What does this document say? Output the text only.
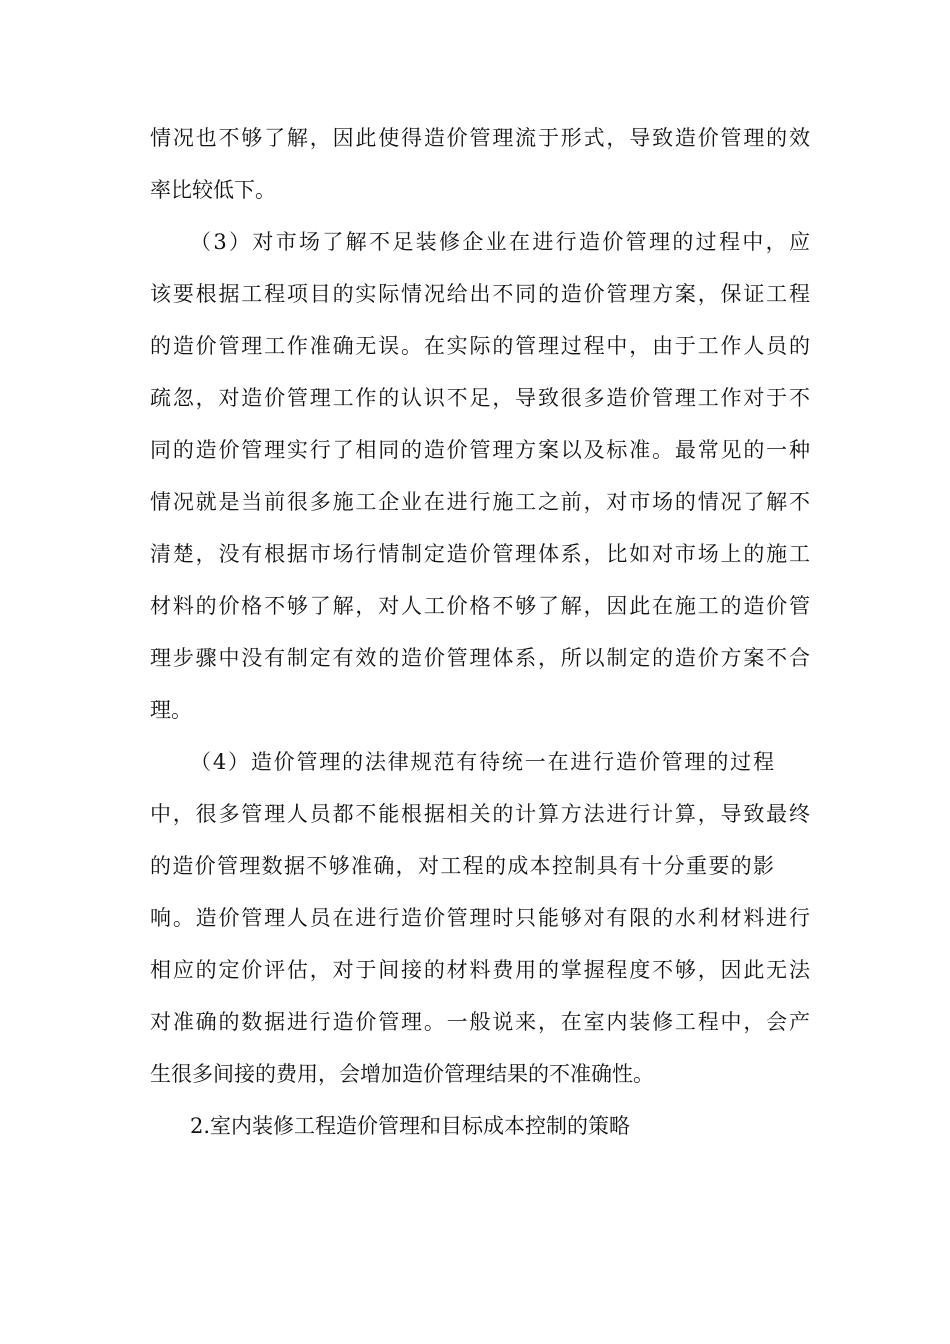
情况也不够了解，因此使得造价管理流于形式，导致造价管理的效
率比较低下。
（3）对市场了解不足装修企业在进行造价管理的过程中，应
该要根据工程项目的实际情况给出不同的造价管理方案，保证工程
的造价管理工作准确无误。在实际的管理过程中，由于工作人员的
疏忽，对造价管理工作的认识不足，导致很多造价管理工作对于不
同的造价管理实行了相同的造价管理方案以及标准。最常见的一种
情况就是当前很多施工企业在进行施工之前，对市场的情况了解不
清楚，没有根据市场行情制定造价管理体系，比如对市场上的施工
材料的价格不够了解，对人工价格不够了解，因此在施工的造价管
理步骤中没有制定有效的造价管理体系，所以制定的造价方案不合
理。
（4）造价管理的法律规范有待统一在进行造价管理的过程
中，很多管理人员都不能根据相关的计算方法进行计算，导致最终
的造价管理数据不够准确，对工程的成本控制具有十分重要的影
响。造价管理人员在进行造价管理时只能够对有限的水利材料进行
相应的定价评估，对于间接的材料费用的掌握程度不够，因此无法
对准确的数据进行造价管理。一般说来，在室内装修工程中，会产
生很多间接的费用，会增加造价管理结果的不准确性。
2.室内装修工程造价管理和目标成本控制的策略
